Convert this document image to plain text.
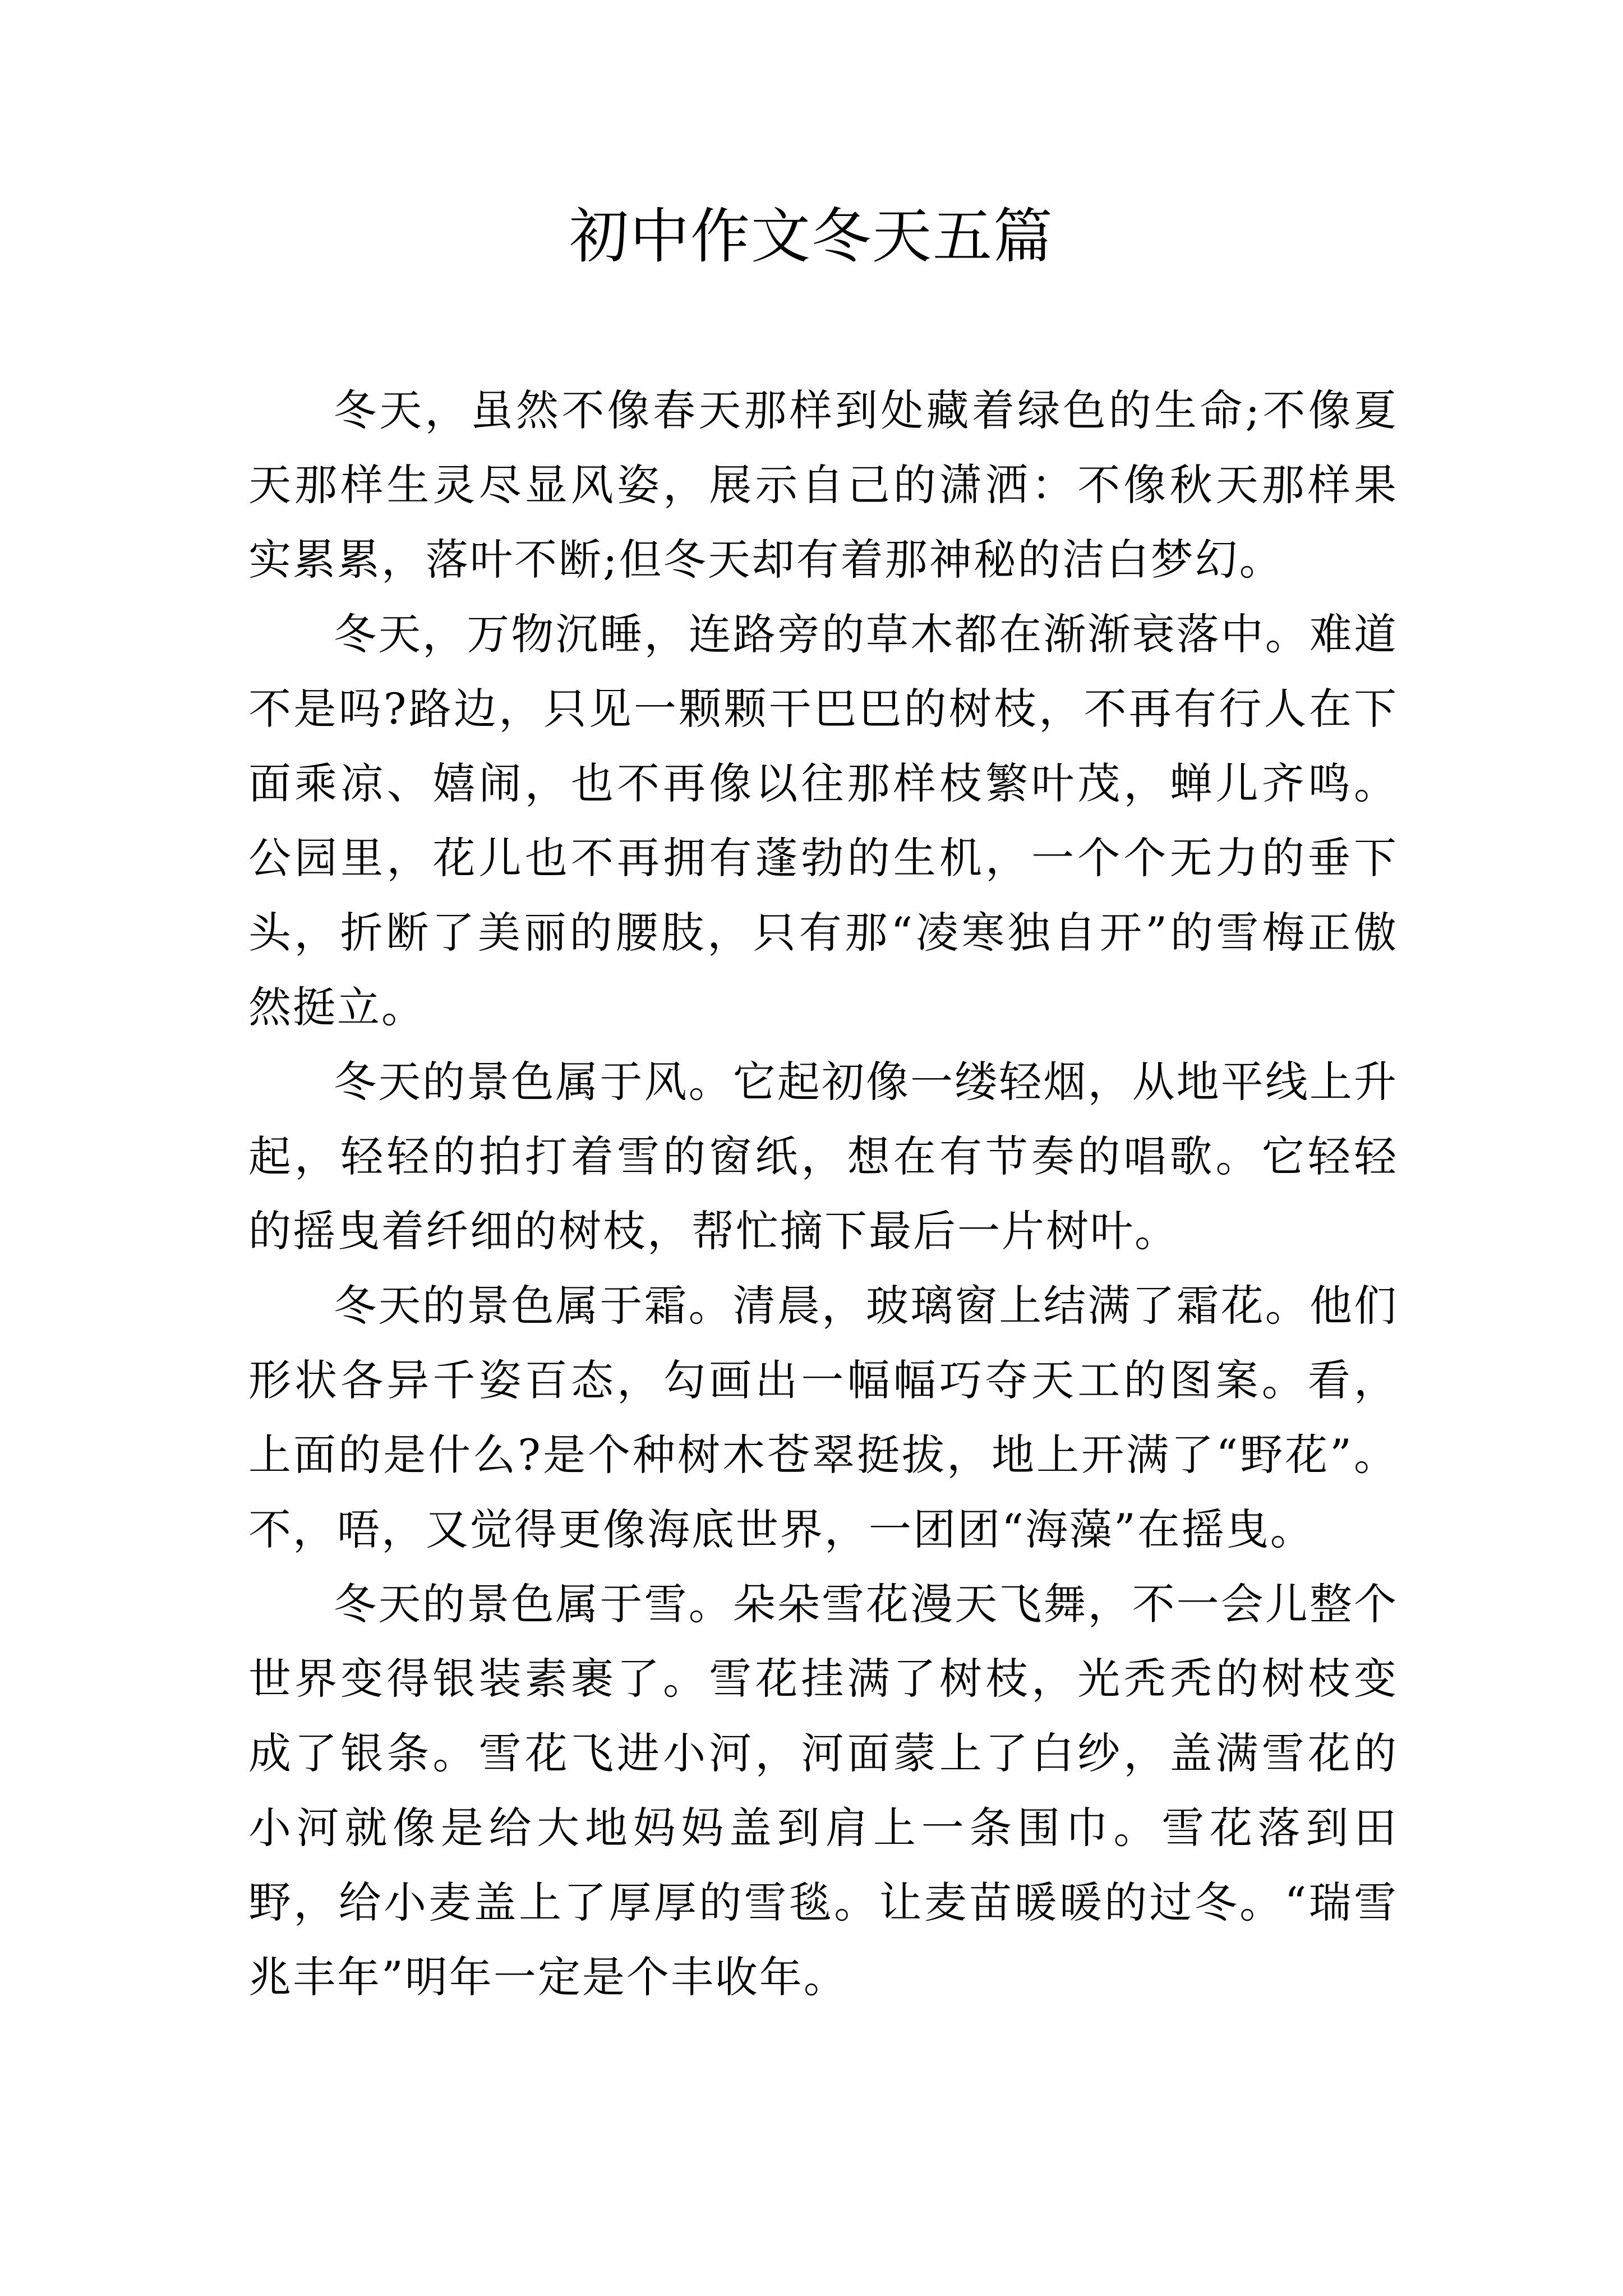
初中作文冬天五篇

冬天，虽然不像春天那样到处藏着绿色的生命;不像夏天那样生灵尽显风姿，展示自己的潇洒：不像秋天那样果实累累，落叶不断;但冬天却有着那神秘的洁白梦幻。

冬天，万物沉睡，连路旁的草木都在渐渐衰落中。难道不是吗?路边，只见一颗颗干巴巴的树枝，不再有行人在下面乘凉、嬉闹，也不再像以往那样枝繁叶茂，蝉儿齐鸣。公园里，花儿也不再拥有蓬勃的生机，一个个无力的垂下头，折断了美丽的腰肢，只有那“凌寒独自开”的雪梅正傲然挺立。

冬天的景色属于风。它起初像一缕轻烟，从地平线上升起，轻轻的拍打着雪的窗纸，想在有节奏的唱歌。它轻轻的摇曳着纤细的树枝，帮忙摘下最后一片树叶。

冬天的景色属于霜。清晨，玻璃窗上结满了霜花。他们形状各异千姿百态，勾画出一幅幅巧夺天工的图案。看，上面的是什么?是个种树木苍翠挺拔，地上开满了“野花”。不，唔，又觉得更像海底世界，一团团“海藻”在摇曳。

冬天的景色属于雪。朵朵雪花漫天飞舞，不一会儿整个世界变得银装素裹了。雪花挂满了树枝，光秃秃的树枝变成了银条。雪花飞进小河，河面蒙上了白纱，盖满雪花的小河就像是给大地妈妈盖到肩上一条围巾。雪花落到田野，给小麦盖上了厚厚的雪毯。让麦苗暖暖的过冬。“瑞雪兆丰年”明年一定是个丰收年。
